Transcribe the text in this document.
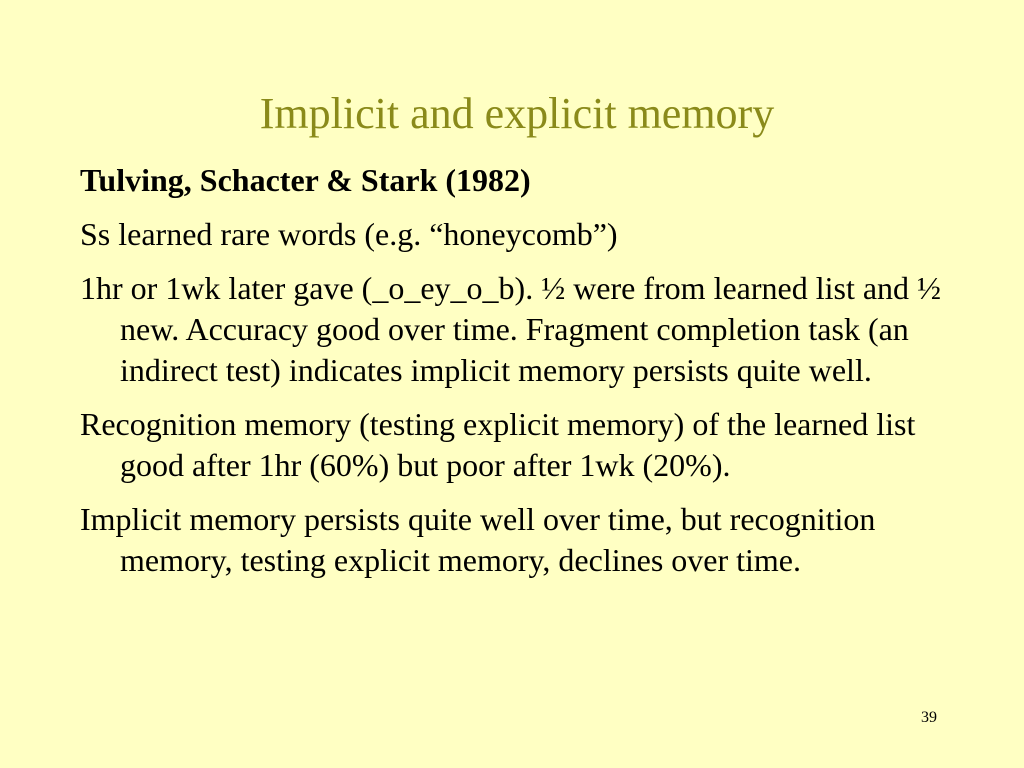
Implicit and explicit memory
Tulving, Schacter & Stark (1982)
Ss learned rare words (e.g. “honeycomb”)
1hr or 1wk later gave (_o_ey_o_b). ½ were from learned list and ½ new. Accuracy good over time. Fragment completion task (an indirect test) indicates implicit memory persists quite well.
Recognition memory (testing explicit memory) of the learned list good after 1hr (60%) but poor after 1wk (20%).
Implicit memory persists quite well over time, but recognition memory, testing explicit memory, declines over time.
39
